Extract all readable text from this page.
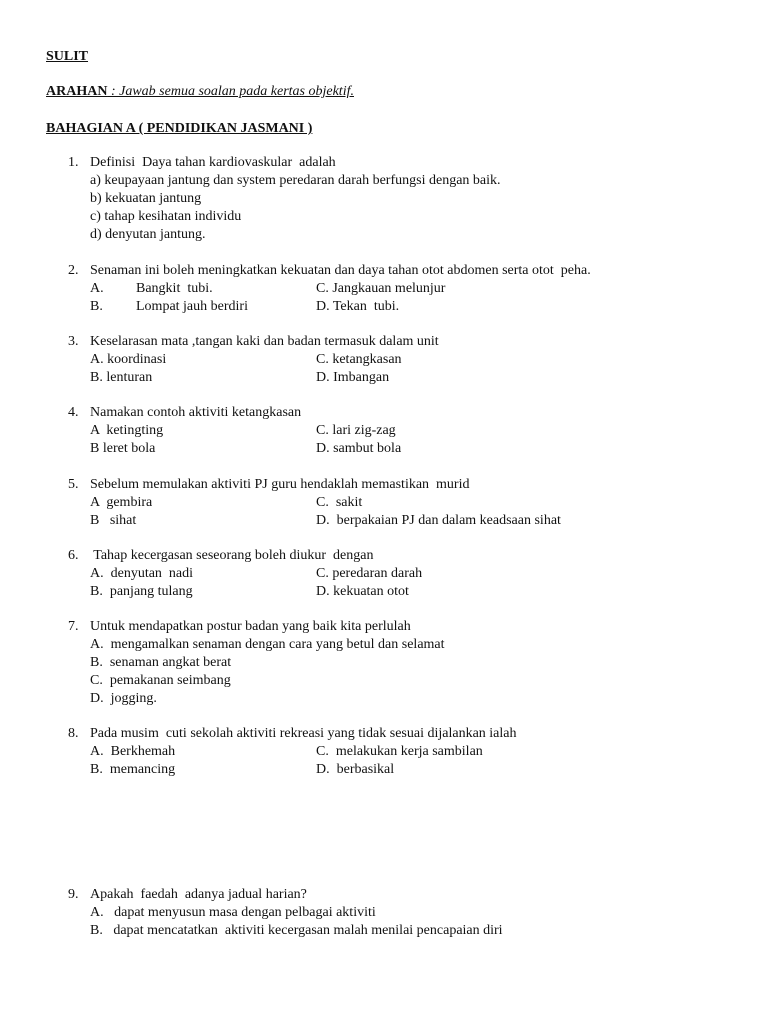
SULIT
ARAHAN : Jawab semua soalan pada kertas objektif.
BAHAGIAN A ( PENDIDIKAN JASMANI )
1. Definisi  Daya tahan kardiovaskular  adalah
a) keupayaan jantung dan system peredaran darah berfungsi dengan baik.
b) kekuatan jantung
c) tahap kesihatan individu
d) denyutan jantung.
2. Senaman ini boleh meningkatkan kekuatan dan daya tahan otot abdomen serta otot  peha.
A. Bangkit  tubi.	C. Jangkauan melunjur
B. Lompat jauh berdiri	D. Tekan  tubi.
3. Keselarasan mata ,tangan kaki dan badan termasuk dalam unit
A. koordinasi	C. ketangkasan
B. lenturan	D. Imbangan
4. Namakan contoh aktiviti ketangkasan
A  ketingting	C. lari zig-zag
B leret bola	D. sambut bola
5. Sebelum memulakan aktiviti PJ guru hendaklah memastikan  murid
A  gembira	C.  sakit
B   sihat	D.  berpakaian PJ dan dalam keadsaan sihat
6. Tahap kecergasan seseorang boleh diukur  dengan
A.  denyutan  nadi	C. peredaran darah
B.  panjang tulang	D. kekuatan otot
7. Untuk mendapatkan postur badan yang baik kita perlulah
A.  mengamalkan senaman dengan cara yang betul dan selamat
B.  senaman angkat berat
C.  pemakanan seimbang
D.  jogging.
8. Pada musim  cuti sekolah aktiviti rekreasi yang tidak sesuai dijalankan ialah
A.  Berkhemah	C.  melakukan kerja sambilan
B.  memancing	D.  berbasikal
9. Apakah  faedah  adanya jadual harian?
A.   dapat menyusun masa dengan pelbagai aktiviti
B.   dapat mencatatkan  aktiviti kecergasan malah menilai pencapaian diri
